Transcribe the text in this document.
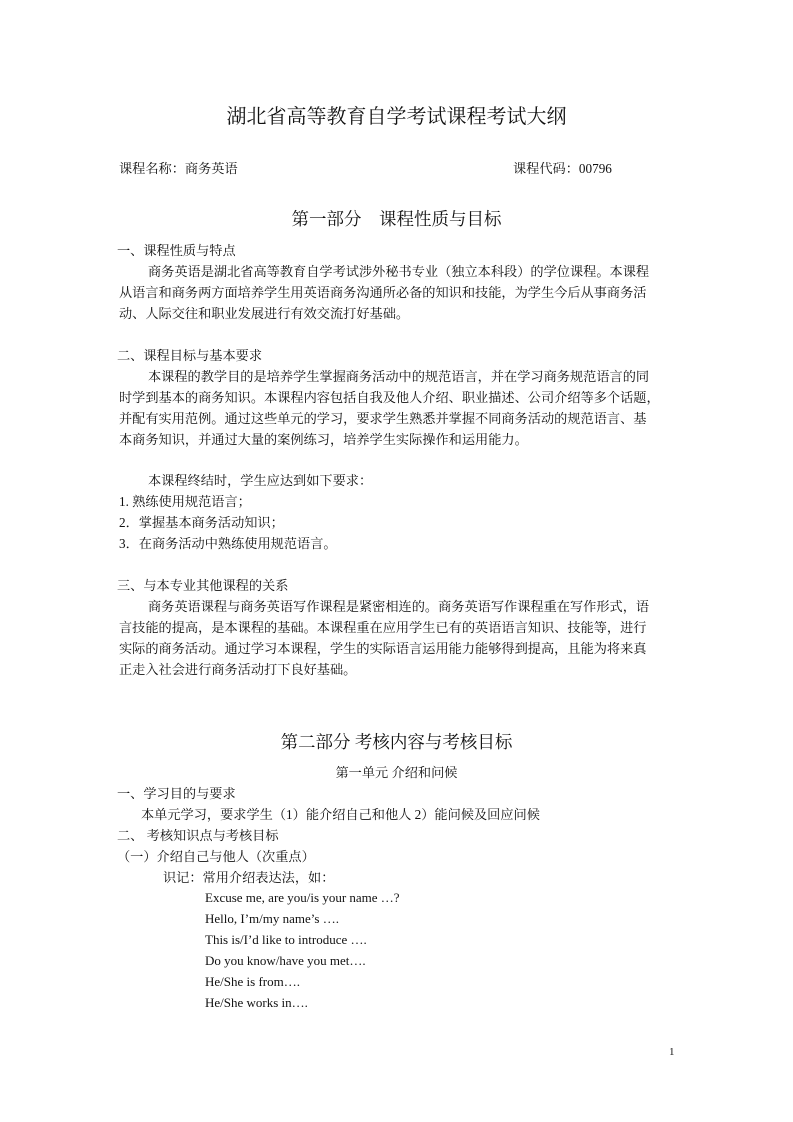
湖北省高等教育自学考试课程考试大纲
课程名称：商务英语	课程代码：00796
第一部分　课程性质与目标
一、课程性质与特点
商务英语是湖北省高等教育自学考试涉外秘书专业（独立本科段）的学位课程。本课程
从语言和商务两方面培养学生用英语商务沟通所必备的知识和技能，为学生今后从事商务活
动、人际交往和职业发展进行有效交流打好基础。
二、课程目标与基本要求
本课程的教学目的是培养学生掌握商务活动中的规范语言，并在学习商务规范语言的同
时学到基本的商务知识。本课程内容包括自我及他人介绍、职业描述、公司介绍等多个话题，
并配有实用范例。通过这些单元的学习，要求学生熟悉并掌握不同商务活动的规范语言、基
本商务知识，并通过大量的案例练习，培养学生实际操作和运用能力。
本课程终结时，学生应达到如下要求：
1. 熟练使用规范语言；
2．掌握基本商务活动知识；
3．在商务活动中熟练使用规范语言。
三、与本专业其他课程的关系
商务英语课程与商务英语写作课程是紧密相连的。商务英语写作课程重在写作形式，语
言技能的提高，是本课程的基础。本课程重在应用学生已有的英语语言知识、技能等，进行
实际的商务活动。通过学习本课程，学生的实际语言运用能力能够得到提高，且能为将来真
正走入社会进行商务活动打下良好基础。
第二部分 考核内容与考核目标
第一单元 介绍和问候
一、学习目的与要求
本单元学习，要求学生（1）能介绍自己和他人 2）能问候及回应问候
二、 考核知识点与考核目标
（一）介绍自己与他人（次重点）
识记：常用介绍表达法，如：
Excuse me, are you/is your name …?
Hello, I’m/my name’s ….
This is/I’d like to introduce ….
Do you know/have you met….
He/She is from….
He/She works in….
1
